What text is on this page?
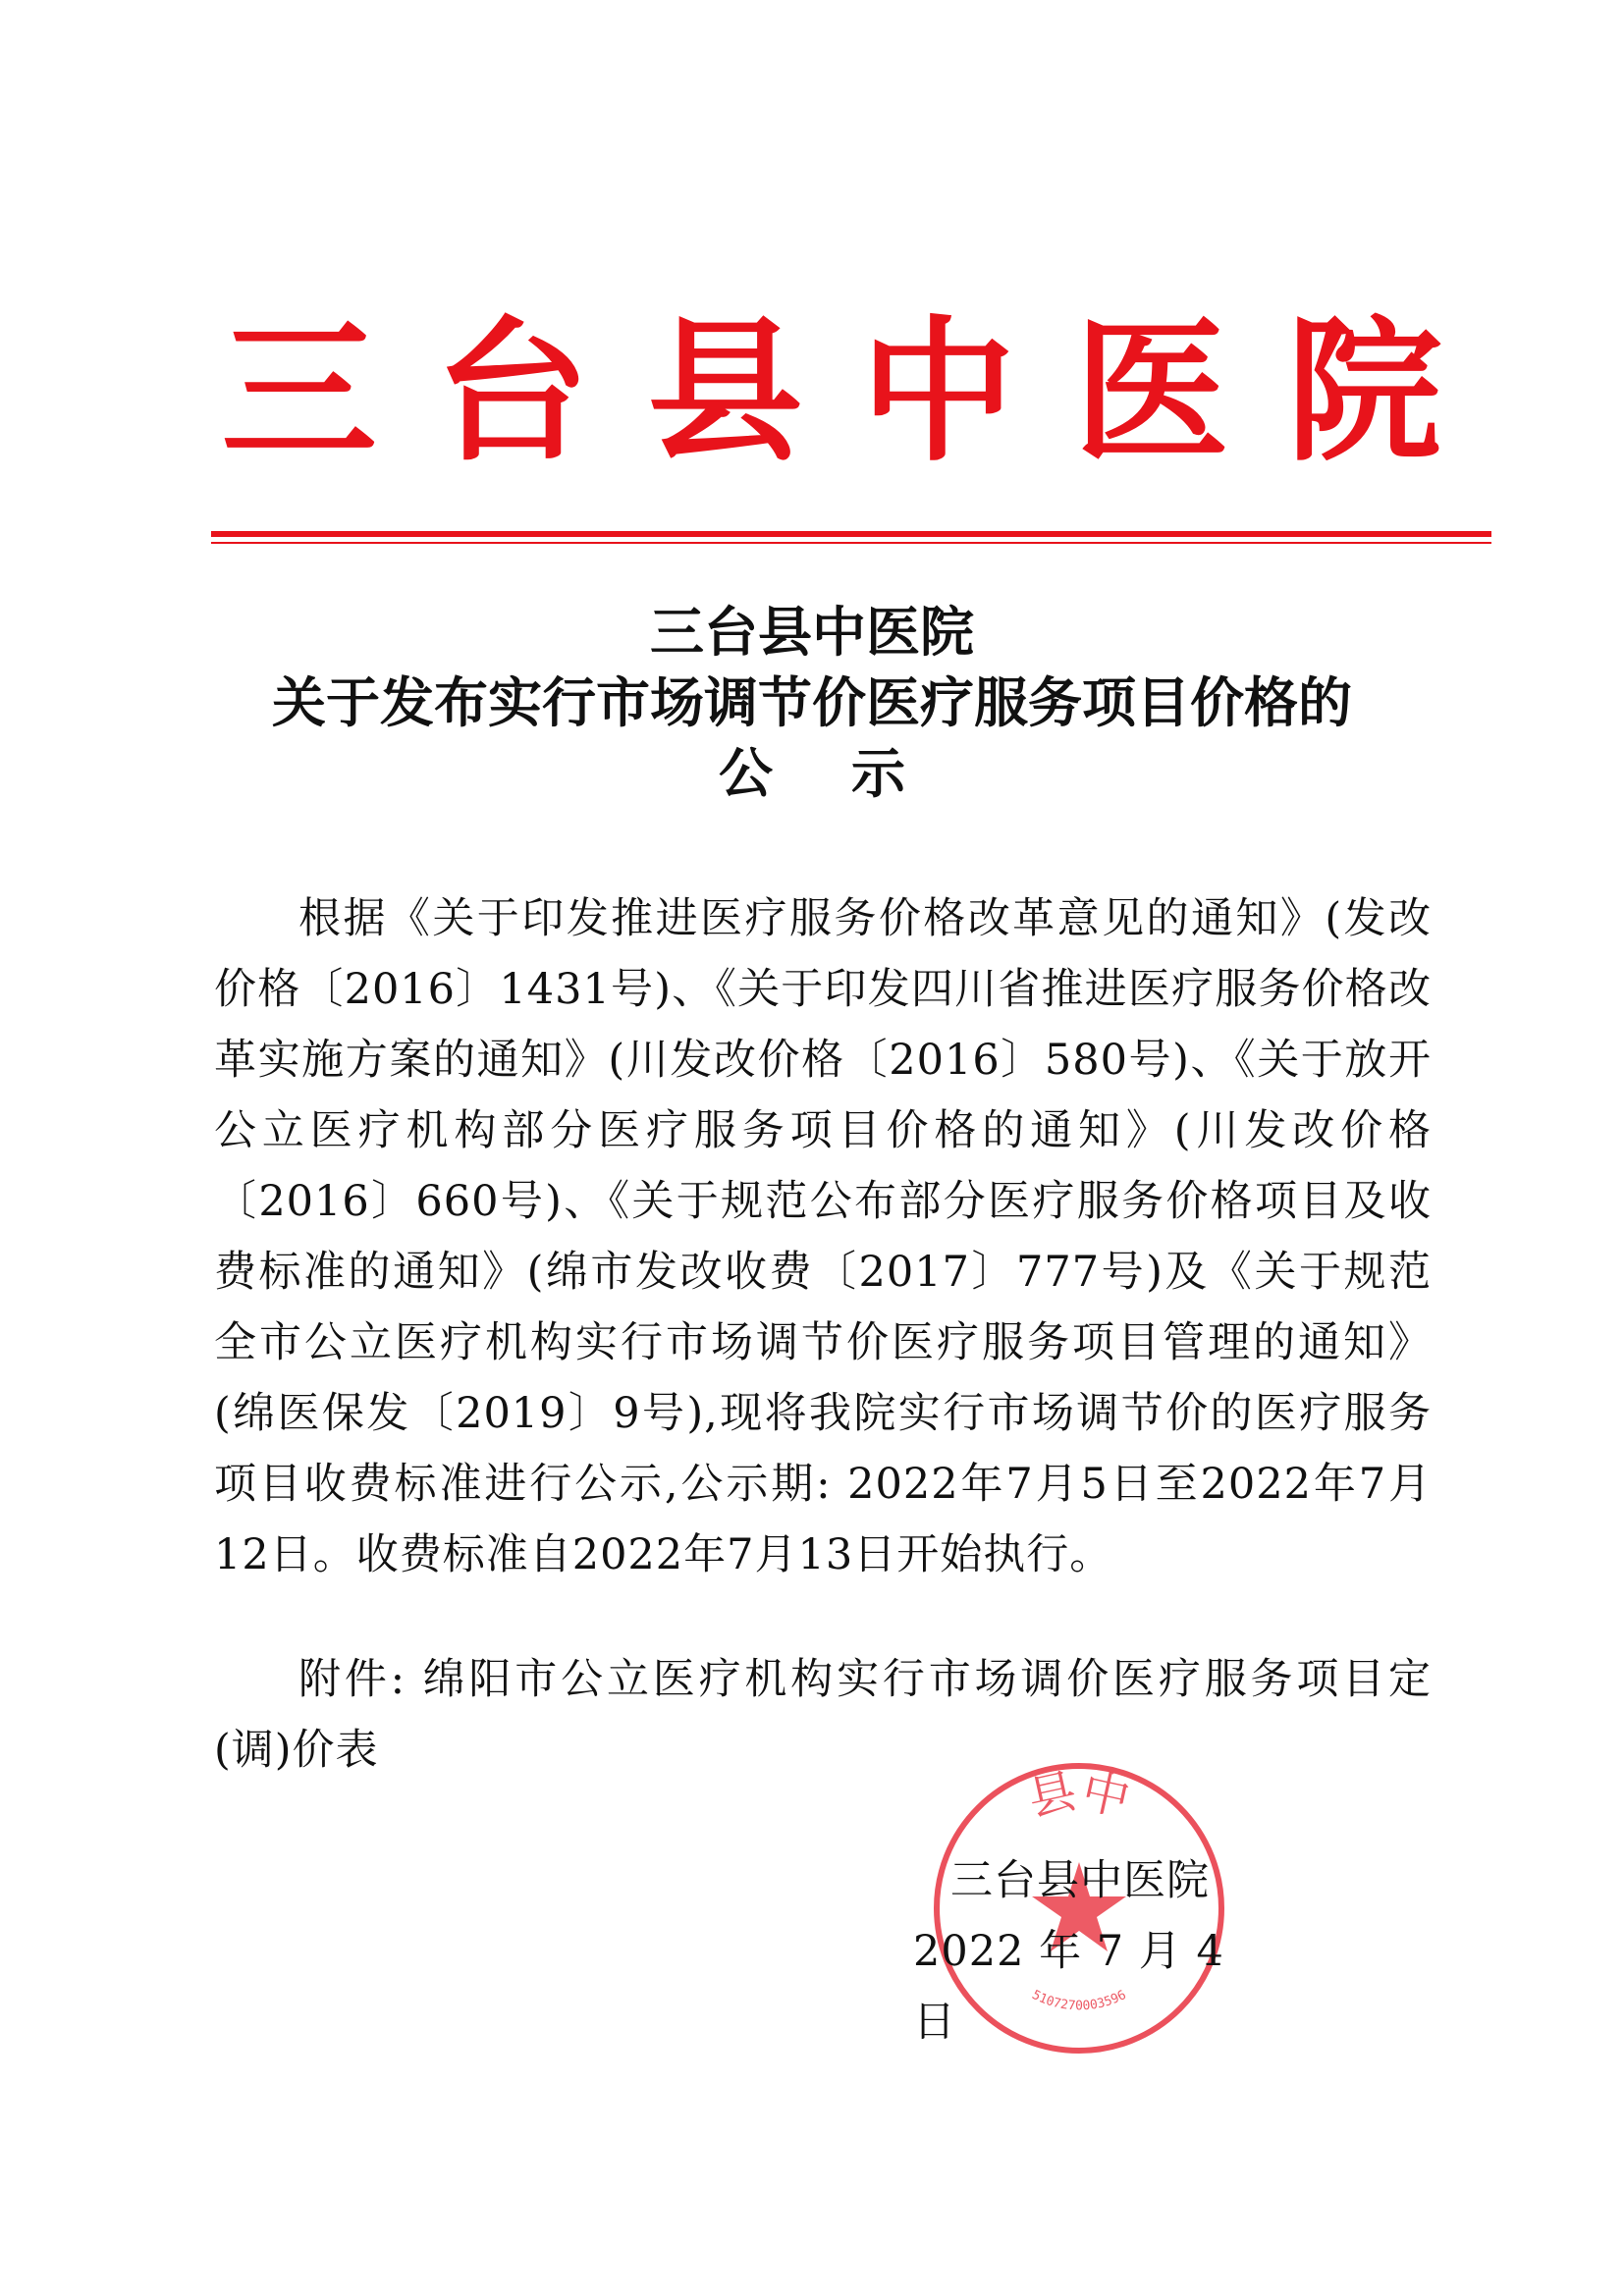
三 台 县 中 医 院
三台县中医院
关于发布实行市场调节价医疗服务项目价格的
公示

根据《关于印发推进医疗服务价格改革意见的通知》(发改价格〔2016〕1431号)、《关于印发四川省推进医疗服务价格改革实施方案的通知》(川发改价格〔2016〕580号)、《关于放开公立医疗机构部分医疗服务项目价格的通知》(川发改价格〔2016〕660号)、《关于规范公布部分医疗服务价格项目及收费标准的通知》(绵市发改收费〔2017〕777号)及《关于规范全市公立医疗机构实行市场调节价医疗服务项目管理的通知》(绵医保发〔2019〕9号),现将我院实行市场调节价的医疗服务项目收费标准进行公示,公示期: 2022年7月5日至2022年7月12日。收费标准自2022年7月13日开始执行。

附件: 绵阳市公立医疗机构实行市场调价医疗服务项目定(调)价表

县中
5107270003596
三台县中医院
2022 年 7 月 4 日
